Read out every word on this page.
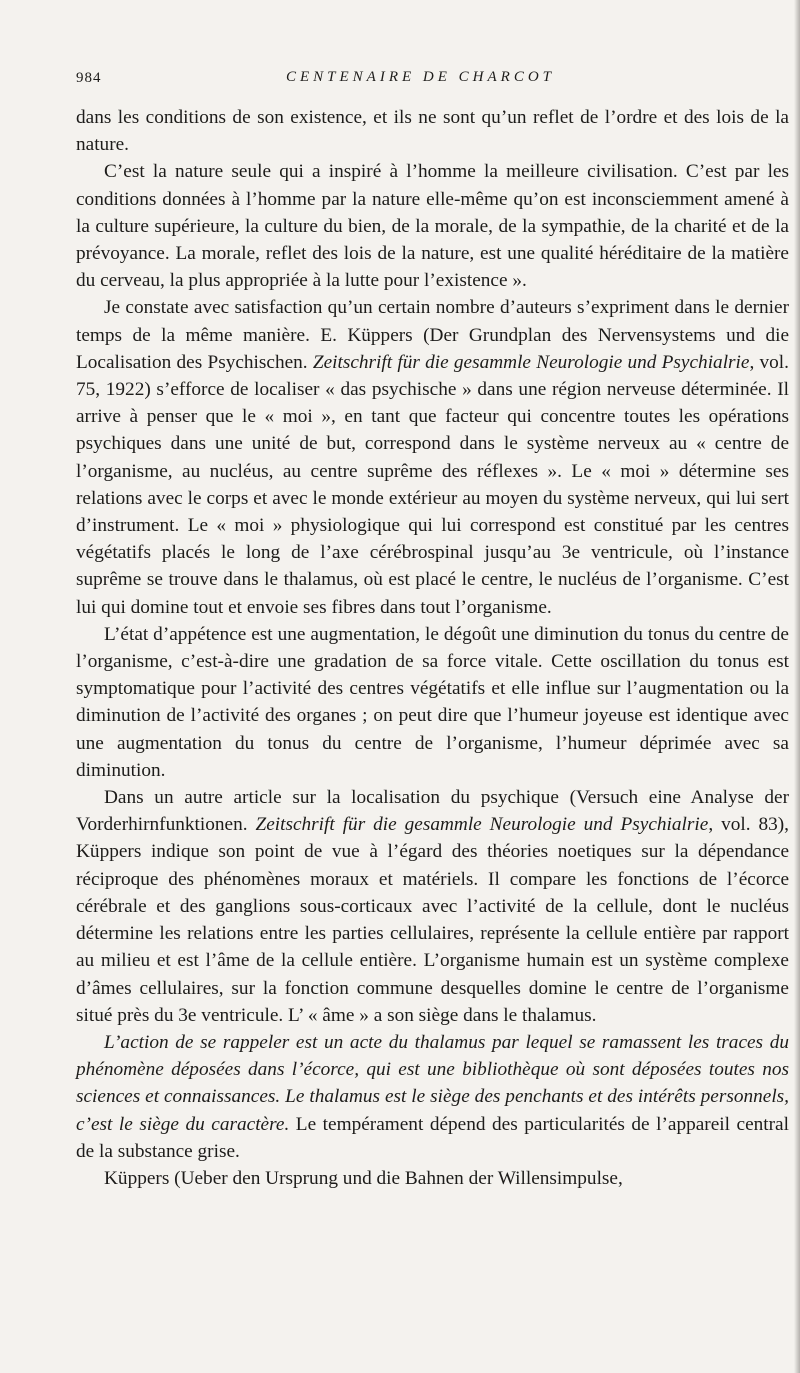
984	CENTENAIRE DE CHARCOT

dans les conditions de son existence, et ils ne sont qu’un reflet de l’ordre et des lois de la nature.

C’est la nature seule qui a inspiré à l’homme la meilleure civilisation. C’est par les conditions données à l’homme par la nature elle-même qu’on est inconsciemment amené à la culture supérieure, la culture du bien, de la morale, de la sympathie, de la charité et de la prévoyance. La morale, reflet des lois de la nature, est une qualité héréditaire de la matière du cerveau, la plus appropriée à la lutte pour l’existence ».

Je constate avec satisfaction qu’un certain nombre d’auteurs s’expriment dans le dernier temps de la même manière. E. Küppers (Der Grundplan des Nervensystems und die Localisation des Psychischen. Zeitschrift für die gesammle Neurologie und Psychialrie, vol. 75, 1922) s’efforce de localiser « das psychische » dans une région nerveuse déterminée. Il arrive à penser que le « moi », en tant que facteur qui concentre toutes les opérations psychiques dans une unité de but, correspond dans le système nerveux au « centre de l’organisme, au nucléus, au centre suprême des réflexes ». Le « moi » détermine ses relations avec le corps et avec le monde extérieur au moyen du système nerveux, qui lui sert d’instrument. Le « moi » physiologique qui lui correspond est constitué par les centres végétatifs placés le long de l’axe cérébrospinal jusqu’au 3e ventricule, où l’instance suprême se trouve dans le thalamus, où est placé le centre, le nucléus de l’organisme. C’est lui qui domine tout et envoie ses fibres dans tout l’organisme.

L’état d’appétence est une augmentation, le dégoût une diminution du tonus du centre de l’organisme, c’est-à-dire une gradation de sa force vitale. Cette oscillation du tonus est symptomatique pour l’activité des centres végétatifs et elle influe sur l’augmentation ou la diminution de l’activité des organes ; on peut dire que l’humeur joyeuse est identique avec une augmentation du tonus du centre de l’organisme, l’humeur déprimée avec sa diminution.

Dans un autre article sur la localisation du psychique (Versuch eine Analyse der Vorderhirnfunktionen. Zeitschrift für die gesammle Neurologie und Psychialrie, vol. 83), Küppers indique son point de vue à l’égard des théories noetiques sur la dépendance réciproque des phénomènes moraux et matériels. Il compare les fonctions de l’écorce cérébrale et des ganglions sous-corticaux avec l’activité de la cellule, dont le nucléus détermine les relations entre les parties cellulaires, représente la cellule entière par rapport au milieu et est l’âme de la cellule entière. L’organisme humain est un système complexe d’âmes cellulaires, sur la fonction commune desquelles domine le centre de l’organisme situé près du 3e ventricule. L’ « âme » a son siège dans le thalamus.

L’action de se rappeler est un acte du thalamus par lequel se ramassent les traces du phénomène déposées dans l’écorce, qui est une bibliothèque où sont déposées toutes nos sciences et connaissances. Le thalamus est le siège des penchants et des intérêts personnels, c’est le siège du caractère. Le tempérament dépend des particularités de l’appareil central de la substance grise.

Küppers (Ueber den Ursprung und die Bahnen der Willensimpulse,
